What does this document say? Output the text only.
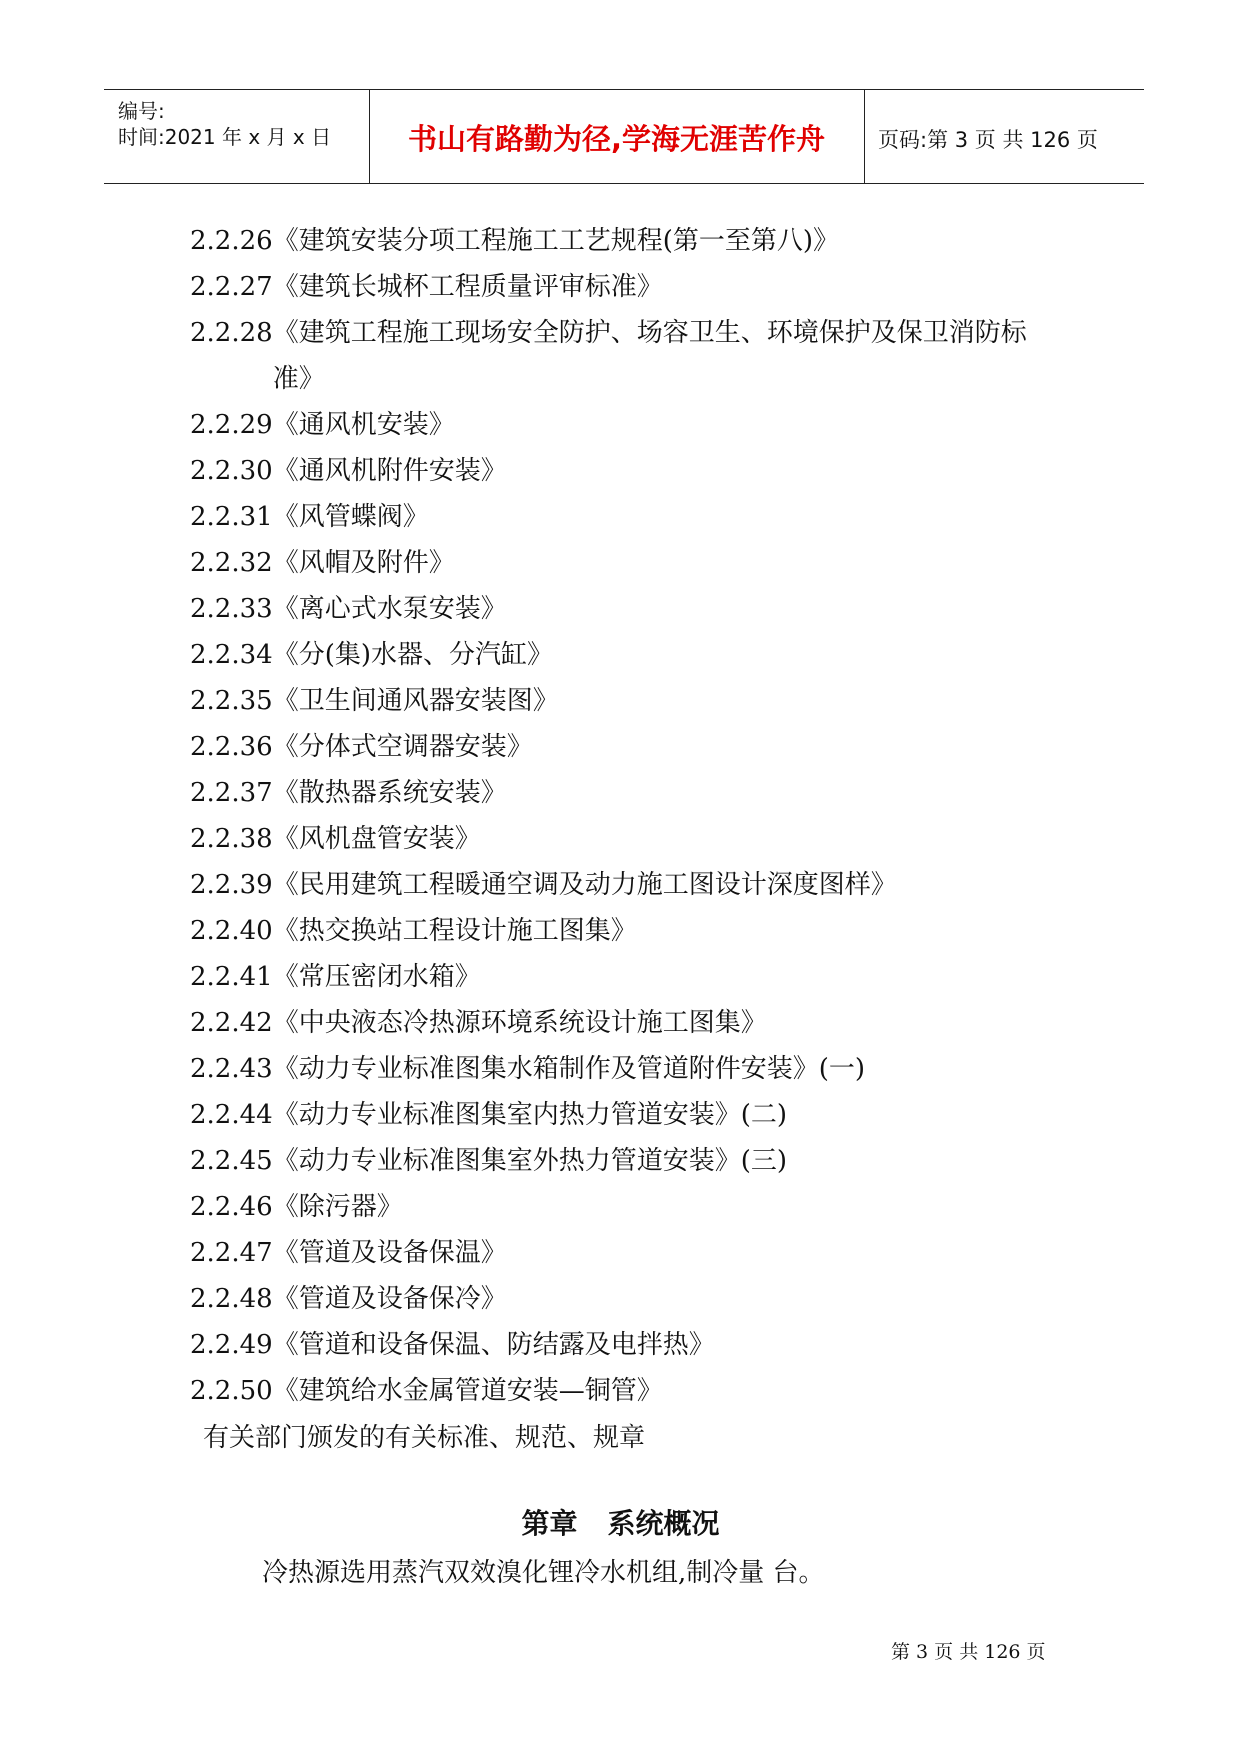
编号:
时间:2021 年 x 月 x 日	书山有路勤为径,学海无涯苦作舟	页码:第 3 页 共 126 页
2.2.26 《建筑安装分项工程施工工艺规程(第一至第八)》
2.2.27 《建筑长城杯工程质量评审标准》
2.2.28 《建筑工程施工现场安全防护、场容卫生、环境保护及保卫消防标准》
2.2.29 《通风机安装》
2.2.30 《通风机附件安装》
2.2.31 《风管蝶阀》
2.2.32 《风帽及附件》
2.2.33 《离心式水泵安装》
2.2.34 《分(集)水器、分汽缸》
2.2.35 《卫生间通风器安装图》
2.2.36 《分体式空调器安装》
2.2.37 《散热器系统安装》
2.2.38 《风机盘管安装》
2.2.39 《民用建筑工程暖通空调及动力施工图设计深度图样》
2.2.40 《热交换站工程设计施工图集》
2.2.41 《常压密闭水箱》
2.2.42 《中央液态冷热源环境系统设计施工图集》
2.2.43 《动力专业标准图集水箱制作及管道附件安装》(一)
2.2.44 《动力专业标准图集室内热力管道安装》(二)
2.2.45 《动力专业标准图集室外热力管道安装》(三)
2.2.46 《除污器》
2.2.47 《管道及设备保温》
2.2.48 《管道及设备保冷》
2.2.49 《管道和设备保温、防结露及电拌热》
2.2.50 《建筑给水金属管道安装—铜管》
有关部门颁发的有关标准、规范、规章
第章 系统概况
冷热源选用蒸汽双效溴化锂冷水机组,制冷量 台。
第 3 页 共 126 页
